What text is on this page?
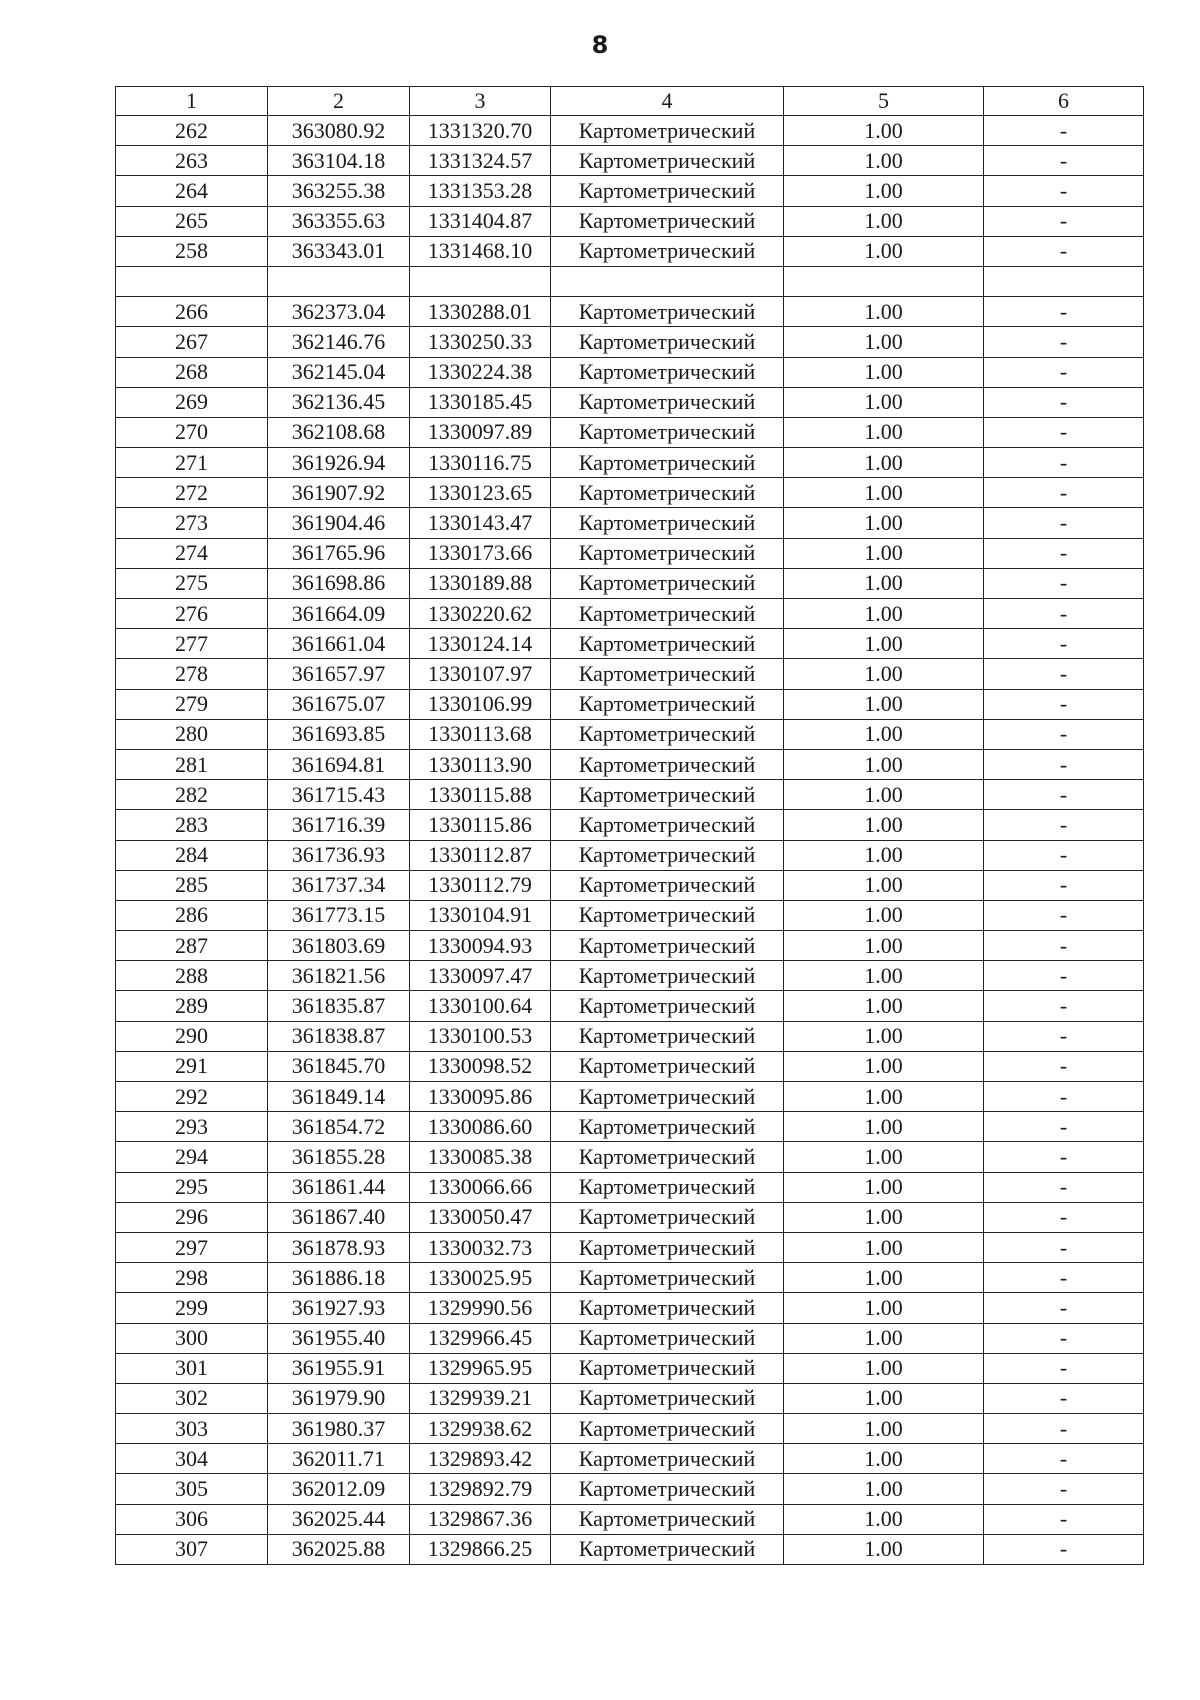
8
1	2	3	4	5	6
262	363080.92	1331320.70	Картометрический	1.00	-
263	363104.18	1331324.57	Картометрический	1.00	-
264	363255.38	1331353.28	Картометрический	1.00	-
265	363355.63	1331404.87	Картометрический	1.00	-
258	363343.01	1331468.10	Картометрический	1.00	-

266	362373.04	1330288.01	Картометрический	1.00	-
267	362146.76	1330250.33	Картометрический	1.00	-
268	362145.04	1330224.38	Картометрический	1.00	-
269	362136.45	1330185.45	Картометрический	1.00	-
270	362108.68	1330097.89	Картометрический	1.00	-
271	361926.94	1330116.75	Картометрический	1.00	-
272	361907.92	1330123.65	Картометрический	1.00	-
273	361904.46	1330143.47	Картометрический	1.00	-
274	361765.96	1330173.66	Картометрический	1.00	-
275	361698.86	1330189.88	Картометрический	1.00	-
276	361664.09	1330220.62	Картометрический	1.00	-
277	361661.04	1330124.14	Картометрический	1.00	-
278	361657.97	1330107.97	Картометрический	1.00	-
279	361675.07	1330106.99	Картометрический	1.00	-
280	361693.85	1330113.68	Картометрический	1.00	-
281	361694.81	1330113.90	Картометрический	1.00	-
282	361715.43	1330115.88	Картометрический	1.00	-
283	361716.39	1330115.86	Картометрический	1.00	-
284	361736.93	1330112.87	Картометрический	1.00	-
285	361737.34	1330112.79	Картометрический	1.00	-
286	361773.15	1330104.91	Картометрический	1.00	-
287	361803.69	1330094.93	Картометрический	1.00	-
288	361821.56	1330097.47	Картометрический	1.00	-
289	361835.87	1330100.64	Картометрический	1.00	-
290	361838.87	1330100.53	Картометрический	1.00	-
291	361845.70	1330098.52	Картометрический	1.00	-
292	361849.14	1330095.86	Картометрический	1.00	-
293	361854.72	1330086.60	Картометрический	1.00	-
294	361855.28	1330085.38	Картометрический	1.00	-
295	361861.44	1330066.66	Картометрический	1.00	-
296	361867.40	1330050.47	Картометрический	1.00	-
297	361878.93	1330032.73	Картометрический	1.00	-
298	361886.18	1330025.95	Картометрический	1.00	-
299	361927.93	1329990.56	Картометрический	1.00	-
300	361955.40	1329966.45	Картометрический	1.00	-
301	361955.91	1329965.95	Картометрический	1.00	-
302	361979.90	1329939.21	Картометрический	1.00	-
303	361980.37	1329938.62	Картометрический	1.00	-
304	362011.71	1329893.42	Картометрический	1.00	-
305	362012.09	1329892.79	Картометрический	1.00	-
306	362025.44	1329867.36	Картометрический	1.00	-
307	362025.88	1329866.25	Картометрический	1.00	-
